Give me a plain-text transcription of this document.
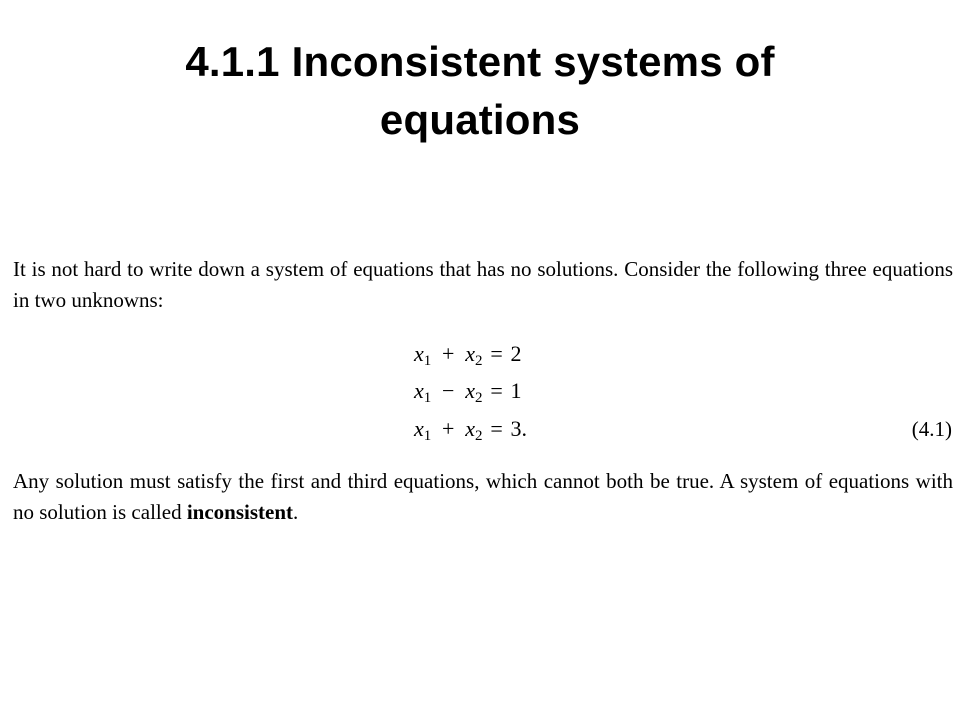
4.1.1 Inconsistent systems of
equations
It is not hard to write down a system of equations that has no solutions. Consider the following three equations in two unknowns:
$x_1 + x_2 = 2$
$x_1 - x_2 = 1$
$x_1 + x_2 = 3$.	(4.1)
Any solution must satisfy the first and third equations, which cannot both be true. A system of equations with no solution is called inconsistent.
